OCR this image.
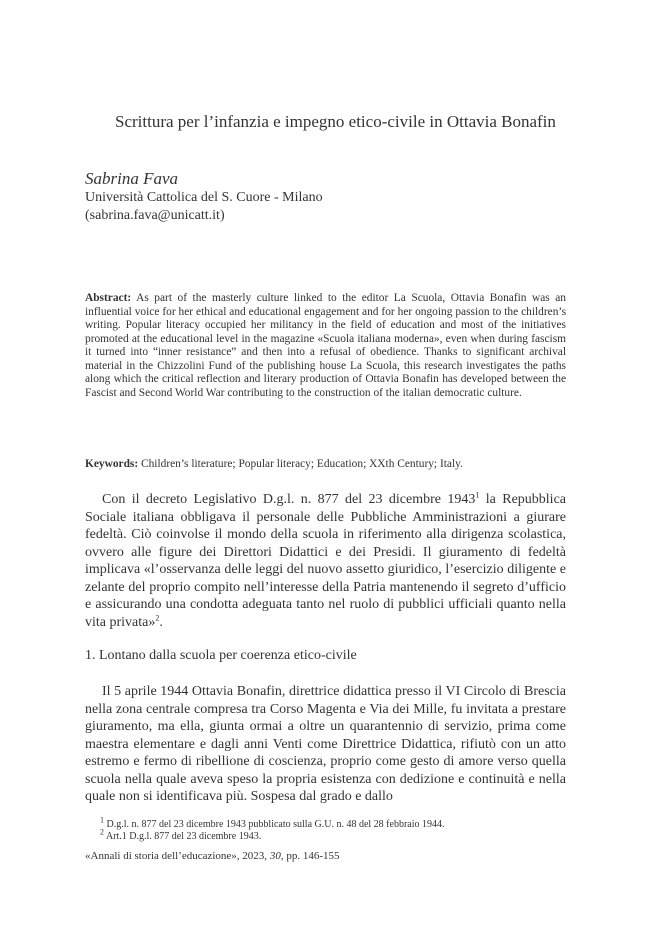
Scrittura per l’infanzia e impegno etico-civile in Ottavia Bonafin
Sabrina Fava
Università Cattolica del S. Cuore - Milano
(sabrina.fava@unicatt.it)
Abstract: As part of the masterly culture linked to the editor La Scuola, Ottavia Bonafin was an influential voice for her ethical and educational engagement and for her ongoing passion to the children’s writing. Popular literacy occupied her militancy in the field of education and most of the initiatives promoted at the educational level in the magazine «Scuola italiana moderna», even when during fascism it turned into “inner resistance” and then into a refusal of obedience. Thanks to significant archival material in the Chizzolini Fund of the publishing house La Scuola, this research investigates the paths along which the critical reflection and literary production of Ottavia Bonafin has developed between the Fascist and Second World War contributing to the construction of the italian democratic culture.
Keywords: Children’s literature; Popular literacy; Education; XXth Century; Italy.
Con il decreto Legislativo D.g.l. n. 877 del 23 dicembre 1943$^1$ la Repubblica Sociale italiana obbligava il personale delle Pubbliche Amministrazioni a giurare fedeltà. Ciò coinvolse il mondo della scuola in riferimento alla dirigenza scolastica, ovvero alle figure dei Direttori Didattici e dei Presidi. Il giuramento di fedeltà implicava «l’osservanza delle leggi del nuovo assetto giuridico, l’esercizio diligente e zelante del proprio compito nell’interesse della Patria mantenendo il segreto d’ufficio e assicurando una condotta adeguata tanto nel ruolo di pubblici ufficiali quanto nella vita privata»$^2$.
1. Lontano dalla scuola per coerenza etico-civile
Il 5 aprile 1944 Ottavia Bonafin, direttrice didattica presso il VI Circolo di Brescia nella zona centrale compresa tra Corso Magenta e Via dei Mille, fu invitata a prestare giuramento, ma ella, giunta ormai a oltre un quarantennio di servizio, prima come maestra elementare e dagli anni Venti come Direttrice Didattica, rifiutò con un atto estremo e fermo di ribellione di coscienza, proprio come gesto di amore verso quella scuola nella quale aveva speso la propria esistenza con dedizione e continuità e nella quale non si identificava più. Sospesa dal grado e dallo
$^1$ D.g.l. n. 877 del 23 dicembre 1943 pubblicato sulla G.U. n. 48 del 28 febbraio 1944.
$^2$ Art.1 D.g.l. 877 del 23 dicembre 1943.
«Annali di storia dell’educazione», 2023, 30, pp. 146-155
